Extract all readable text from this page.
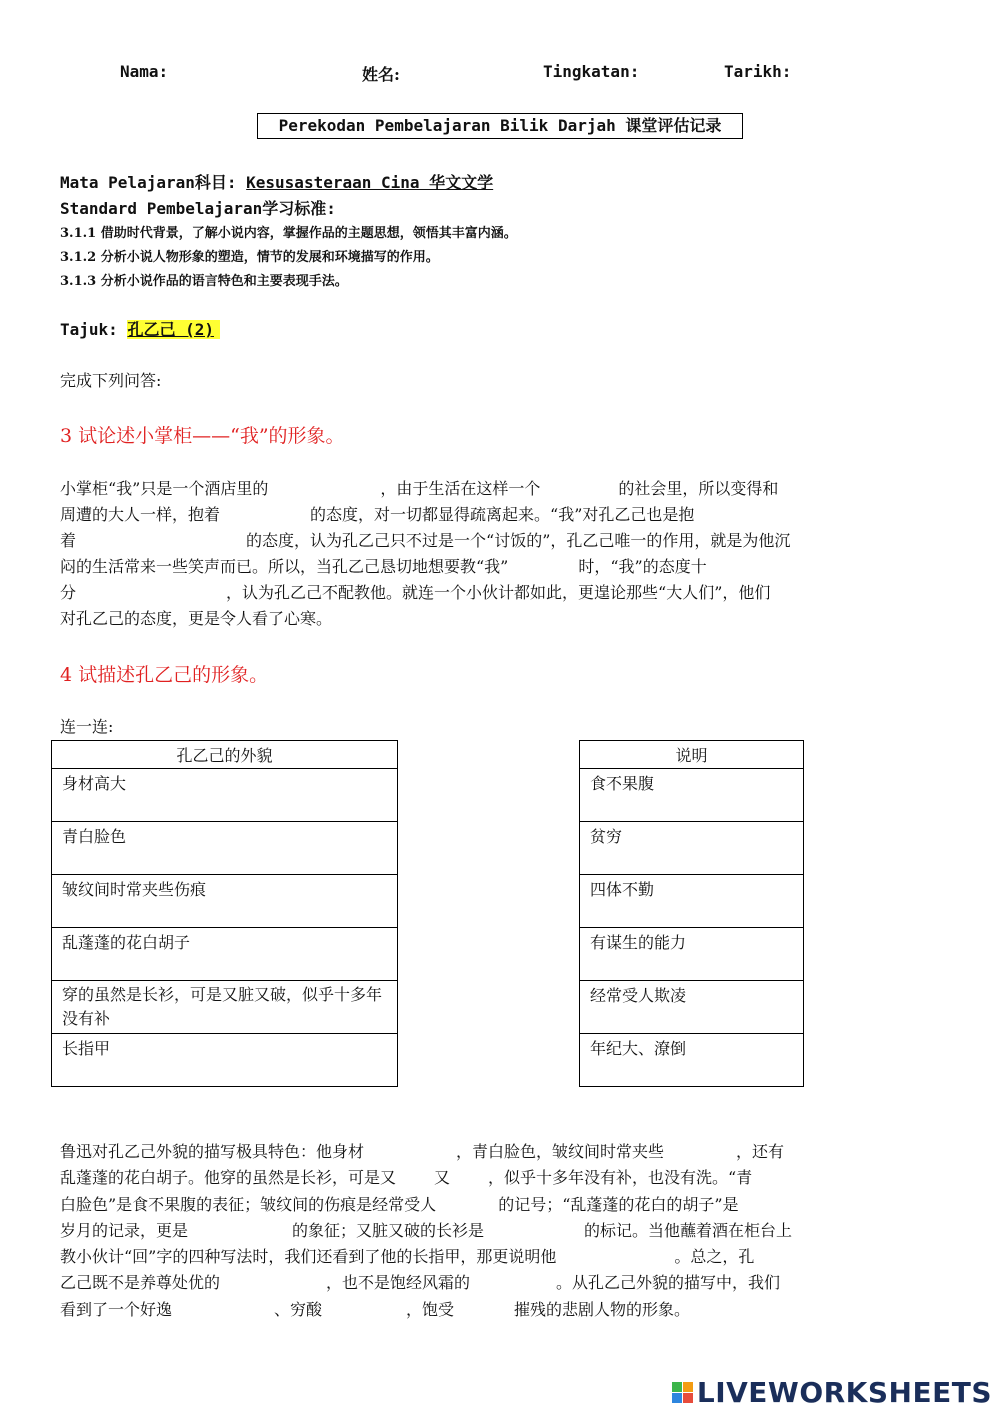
Nama:	姓名:	Tingkatan:	Tarikh:
Perekodan Pembelajaran Bilik Darjah 课堂评估记录
Mata Pelajaran科目: Kesusasteraan Cina 华文文学
Standard Pembelajaran学习标准:
3.1.1 借助时代背景，了解小说内容，掌握作品的主题思想，领悟其丰富内涵。
3.1.2 分析小说人物形象的塑造，情节的发展和环境描写的作用。
3.1.3 分析小说作品的语言特色和主要表现手法。
Tajuk: 孔乙己 (2)
完成下列问答:
3 试论述小掌柜——“我”的形象。
小掌柜“我”只是一个酒店里的	，由于生活在这样一个	的社会里，所以变得和
周遭的大人一样，抱着	的态度，对一切都显得疏离起来。“我”对孔乙己也是抱
着	的态度，认为孔乙己只不过是一个“讨饭的”，孔乙己唯一的作用，就是为他沉
闷的生活常来一些笑声而已。所以，当孔乙己恳切地想要教“我”	时，“我”的态度十
分	，认为孔乙己不配教他。就连一个小伙计都如此，更遑论那些“大人们”，他们
对孔乙己的态度，更是令人看了心寒。
4 试描述孔乙己的形象。
连一连:
孔乙己的外貌
身材高大
青白脸色
皱纹间时常夹些伤痕
乱蓬蓬的花白胡子
穿的虽然是长衫，可是又脏又破，似乎十多年没有补
长指甲
说明
食不果腹
贫穷
四体不勤
有谋生的能力
经常受人欺凌
年纪大、潦倒
鲁迅对孔乙己外貌的描写极具特色：他身材	，青白脸色，皱纹间时常夹些	，还有
乱蓬蓬的花白胡子。他穿的虽然是长衫，可是又 又 ，似乎十多年没有补，也没有洗。“青
白脸色”是食不果腹的表征；皱纹间的伤痕是经常受人	的记号；“乱蓬蓬的花白的胡子”是
岁月的记录，更是	的象征；又脏又破的长衫是	的标记。当他蘸着酒在柜台上
教小伙计“回”字的四种写法时，我们还看到了他的长指甲，那更说明他	。总之，孔
乙己既不是养尊处优的	，也不是饱经风霜的	。从孔乙己外貌的描写中，我们
看到了一个好逸	、穷酸	，饱受	摧残的悲剧人物的形象。
LIVEWORKSHEETS
